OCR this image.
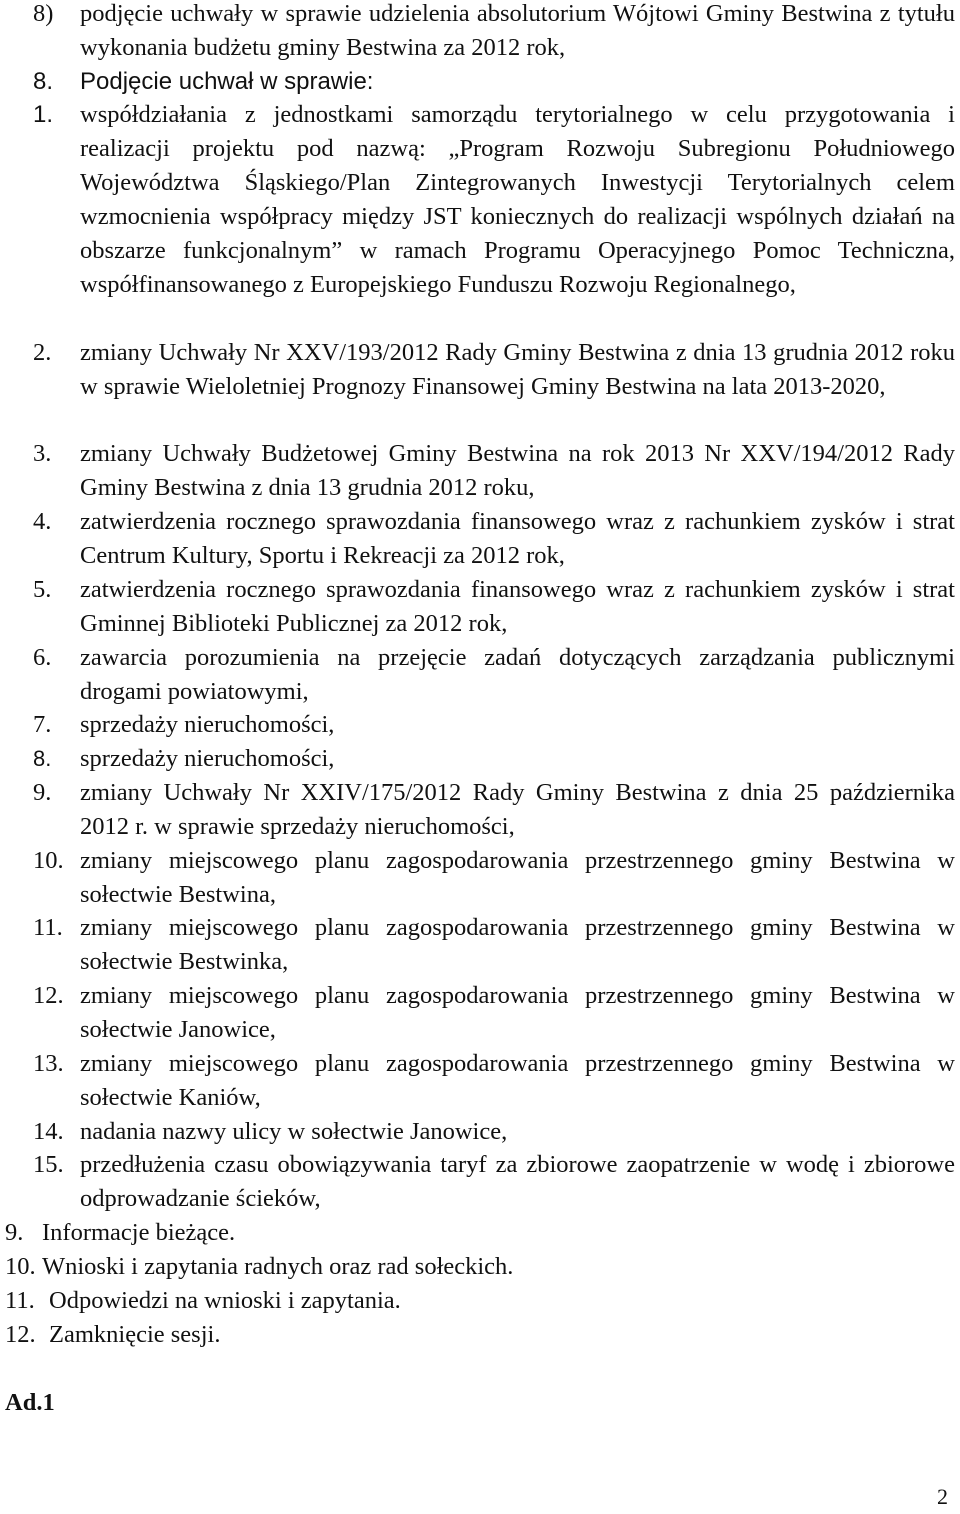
8)	podjęcie uchwały w sprawie udzielenia absolutorium Wójtowi Gminy Bestwina z tytułu wykonania budżetu gminy Bestwina za 2012 rok,
8.	Podjęcie uchwał w sprawie:
1.	współdziałania z jednostkami samorządu terytorialnego w celu przygotowania i realizacji projektu pod nazwą: „Program Rozwoju Subregionu Południowego Województwa Śląskiego/Plan Zintegrowanych Inwestycji Terytorialnych celem wzmocnienia współpracy między JST koniecznych do realizacji wspólnych działań na obszarze funkcjonalnym” w ramach Programu Operacyjnego Pomoc Techniczna, współfinansowanego z Europejskiego Funduszu Rozwoju Regionalnego,
2.	zmiany Uchwały Nr XXV/193/2012 Rady Gminy Bestwina z dnia 13 grudnia 2012 roku w sprawie Wieloletniej Prognozy Finansowej Gminy Bestwina na lata 2013-2020,
3.	zmiany Uchwały Budżetowej Gminy Bestwina na rok 2013 Nr XXV/194/2012 Rady Gminy Bestwina z dnia 13 grudnia 2012 roku,
4.	zatwierdzenia rocznego sprawozdania finansowego wraz z rachunkiem zysków i strat Centrum Kultury, Sportu i Rekreacji za 2012 rok,
5.	zatwierdzenia rocznego sprawozdania finansowego wraz z rachunkiem zysków i strat Gminnej Biblioteki Publicznej za 2012 rok,
6.	zawarcia porozumienia na przejęcie zadań dotyczących zarządzania publicznymi drogami powiatowymi,
7.	sprzedaży nieruchomości,
8.	sprzedaży nieruchomości,
9.	zmiany Uchwały Nr XXIV/175/2012 Rady Gminy Bestwina z dnia 25 października 2012 r. w sprawie sprzedaży nieruchomości,
10. zmiany miejscowego planu zagospodarowania przestrzennego gminy Bestwina w sołectwie Bestwina,
11. zmiany miejscowego planu zagospodarowania przestrzennego gminy Bestwina w sołectwie Bestwinka,
12. zmiany miejscowego planu zagospodarowania przestrzennego gminy Bestwina w sołectwie Janowice,
13. zmiany miejscowego planu zagospodarowania przestrzennego gminy Bestwina w sołectwie Kaniów,
14. nadania nazwy ulicy w sołectwie Janowice,
15. przedłużenia czasu obowiązywania taryf za zbiorowe zaopatrzenie w wodę i zbiorowe odprowadzanie ścieków,
9. Informacje bieżące.
10. Wnioski i zapytania radnych oraz rad sołeckich.
11. Odpowiedzi na wnioski i zapytania.
12. Zamknięcie sesji.
Ad.1
2
